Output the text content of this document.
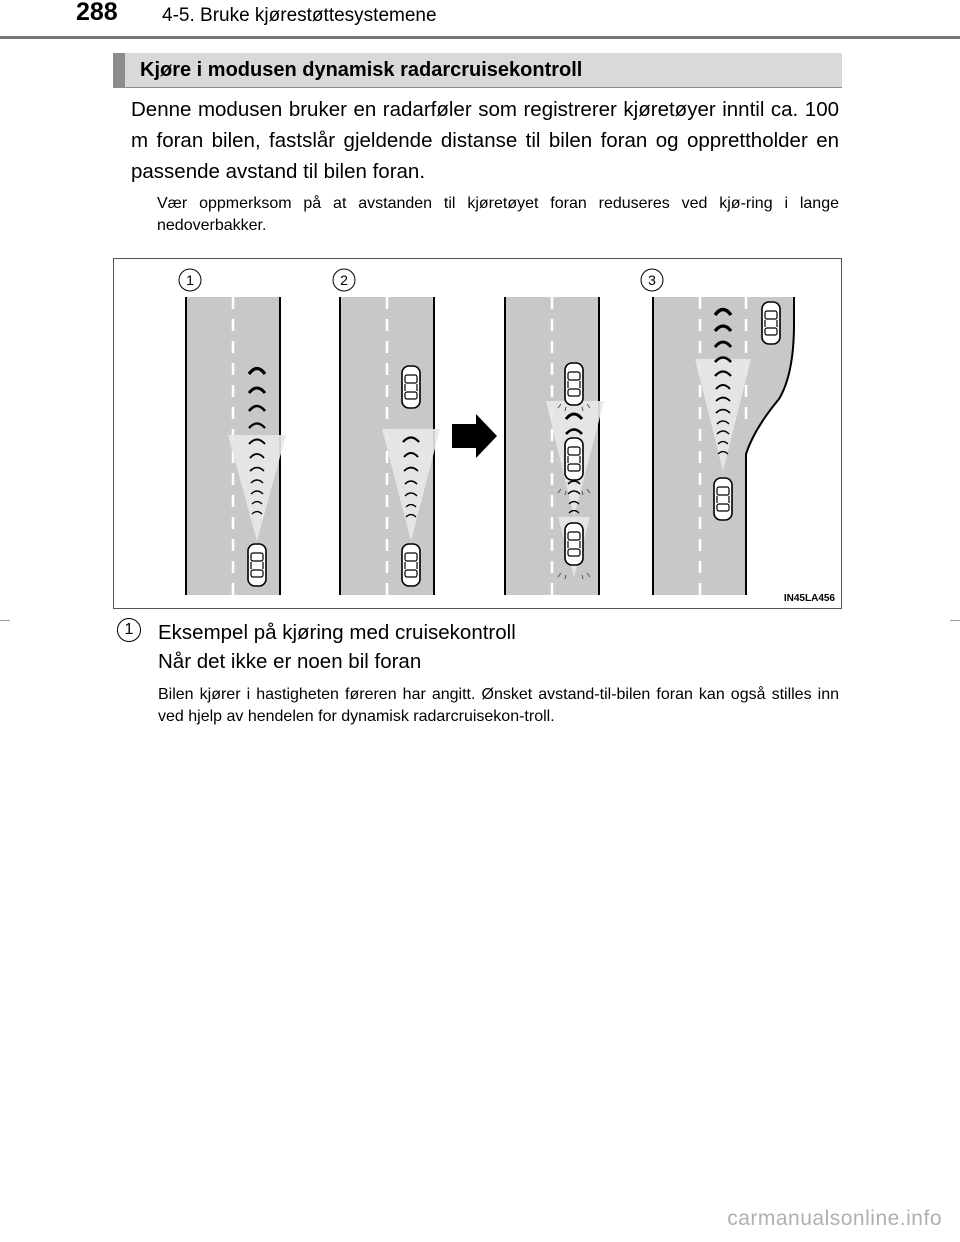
288 4-5. Bruke kjørestøttesystemene
Kjøre i modusen dynamisk radarcruisekontroll

Denne modusen bruker en radarføler som registrerer kjøretøyer inntil ca. 100 m foran bilen, fastslår gjeldende distanse til bilen foran og opprettholder en passende avstand til bilen foran.

Vær oppmerksom på at avstanden til kjøretøyet foran reduseres ved kjø-ring i lange nedoverbakker.

1	2	3
IN45LA456
1	Eksempel på kjøring med cruisekontroll

Når det ikke er noen bil foran

Bilen kjører i hastigheten føreren har angitt. Ønsket avstand-til-bilen foran kan også stilles inn ved hjelp av hendelen for dynamisk radarcruisekon-troll.

carmanualsonline.info
